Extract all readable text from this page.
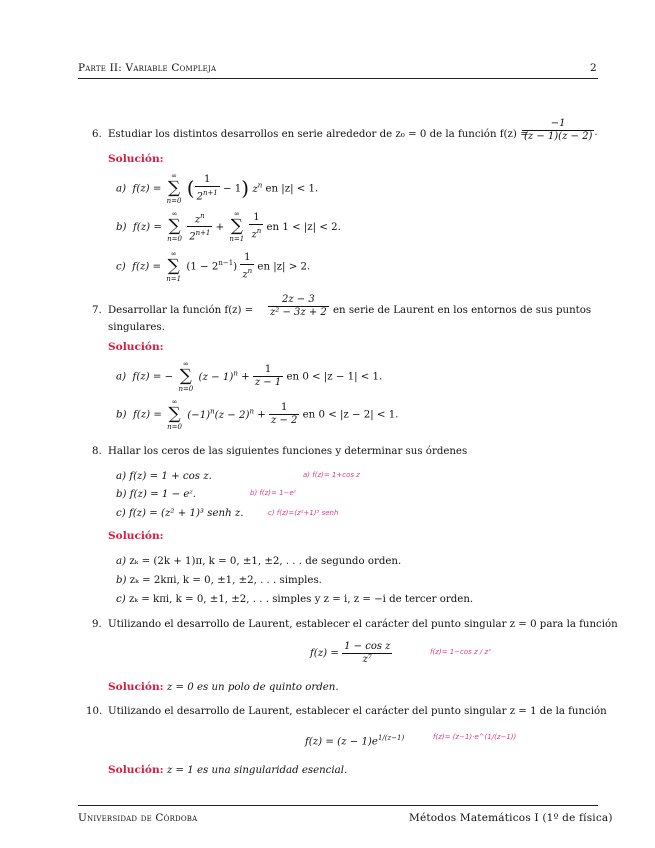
Parte II: Variable Compleja	2
6. Estudiar los distintos desarrollos en serie alrededor de z₀ = 0 de la función f(z) =
$\frac{-1}{(z - 1)(z - 2)}$ .
Solución:
a)  f(z) =
∞
∑
n=0
( $\frac{1}{2^{n+1}} - 1$) $z^n$ en |z| < 1.
b)  f(z) =
∞
∑
n=0
$\frac{z^n}{2^{n+1}}$ +
∞
∑
n=1
$\frac{1}{z^n}$ en 1 < |z| < 2.
c)  f(z) =
∞
∑
n=1
$(1 - 2^{n-1}) \frac{1}{z^n}$ en |z| > 2.
7. Desarrollar la función $f(z) = \frac{2z - 3}{\text{z² − 3z + 2}}$ en serie de Laurent en los entornos de sus puntos
singulares.
Solución:
a)  f(z) = −
∞
∑
n=0
$(z - 1)^n + \frac{1}{z - 1}$ en 0 < |z − 1| < 1.
b)  f(z) =
∞
∑
n=0
$(-1)^n(z - 2)^n + \frac{1}{z - 2}$ en 0 < |z − 2| < 1.
8. Hallar los ceros de las siguientes funciones y determinar sus órdenes
a) f(z) = 1 + cos z.	a) f(z)= 1+cos z
b) f(z) = 1 − eᶻ.	b) f(z)= 1−eᶻ
c) f(z) = (z² + 1)³ senh z.	c) f(z)=(z²+1)³ senh
Solución:
a) zₖ = (2k + 1)π, k = 0, ±1, ±2, . . . de segundo orden.
b) zₖ = 2kπi, k = 0, ±1, ±2, . . . simples.
c) zₖ = kπi, k = 0, ±1, ±2, . . . simples y z = i, z = −i de tercer orden.
9. Utilizando el desarrollo de Laurent, establecer el carácter del punto singular z = 0 para la función
$f(z) = \frac{\text{1 − cos z}}{\text{z⁷}}$	f(z)= 1−cos z / z⁷
Solución: z = 0 es un polo de quinto orden.
10. Utilizando el desarrollo de Laurent, establecer el carácter del punto singular z = 1 de la función
$f(z) = (z - 1)e^{1/(z-1)}$	f(z)= (z−1)·e^(1/(z−1))
Solución: z = 1 es una singularidad esencial.
Universidad de Córdoba	Métodos Matemáticos I (1º de física)
